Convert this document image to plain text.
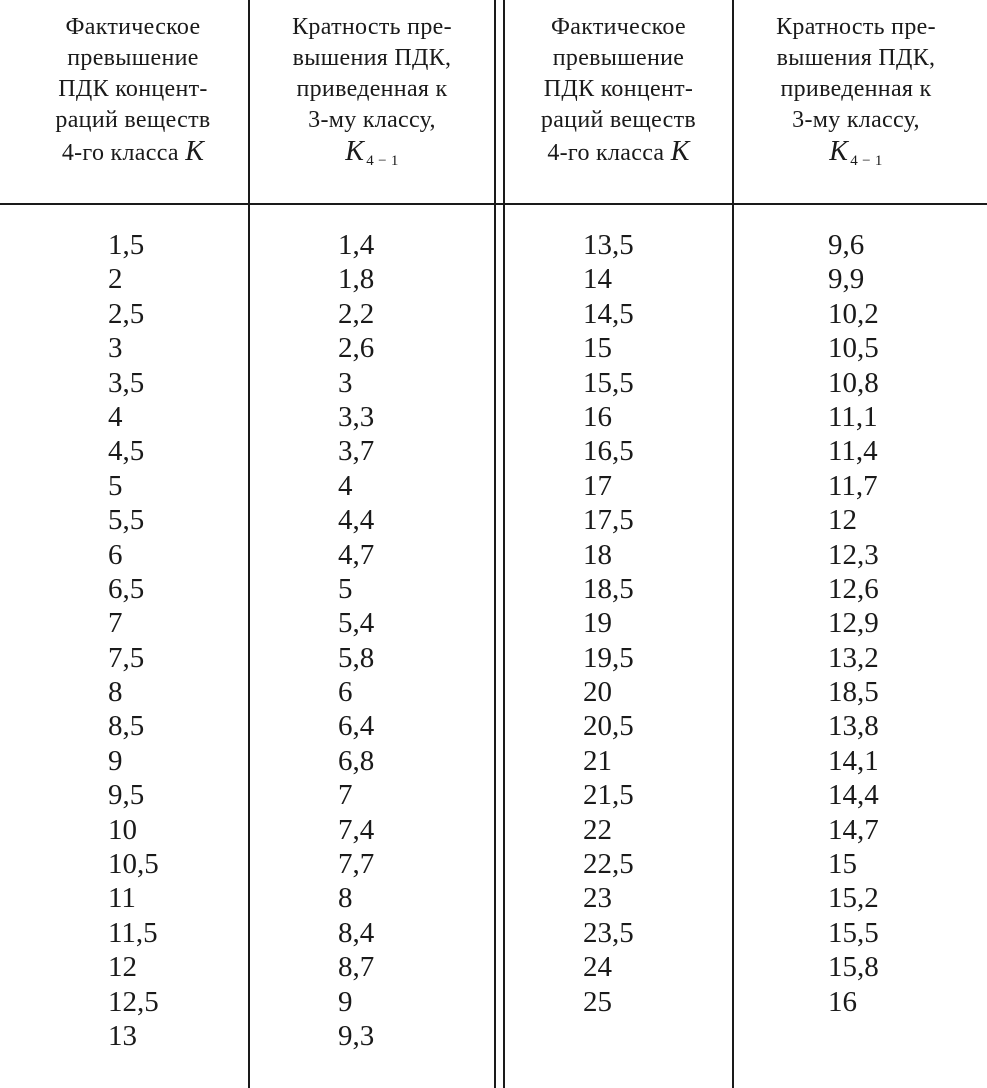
Фактическое
превышение
ПДК концент-
раций веществ
4-го класса K
Кратность пре-
вышения ПДК,
приведенная к
3-му классу,
K $_{4 - 1}$
Фактическое
превышение
ПДК концент-
раций веществ
4-го класса K
Кратность пре-
вышения ПДК,
приведенная к
3-му классу,
K $_{4 - 1}$
1,5
2
2,5
3
3,5
4
4,5
5
5,5
6
6,5
7
7,5
8
8,5
9
9,5
10
10,5
11
11,5
12
12,5
13
1,4
1,8
2,2
2,6
3
3,3
3,7
4
4,4
4,7
5
5,4
5,8
6
6,4
6,8
7
7,4
7,7
8
8,4
8,7
9
9,3
13,5
14
14,5
15
15,5
16
16,5
17
17,5
18
18,5
19
19,5
20
20,5
21
21,5
22
22,5
23
23,5
24
25
9,6
9,9
10,2
10,5
10,8
11,1
11,4
11,7
12
12,3
12,6
12,9
13,2
18,5
13,8
14,1
14,4
14,7
15
15,2
15,5
15,8
16
